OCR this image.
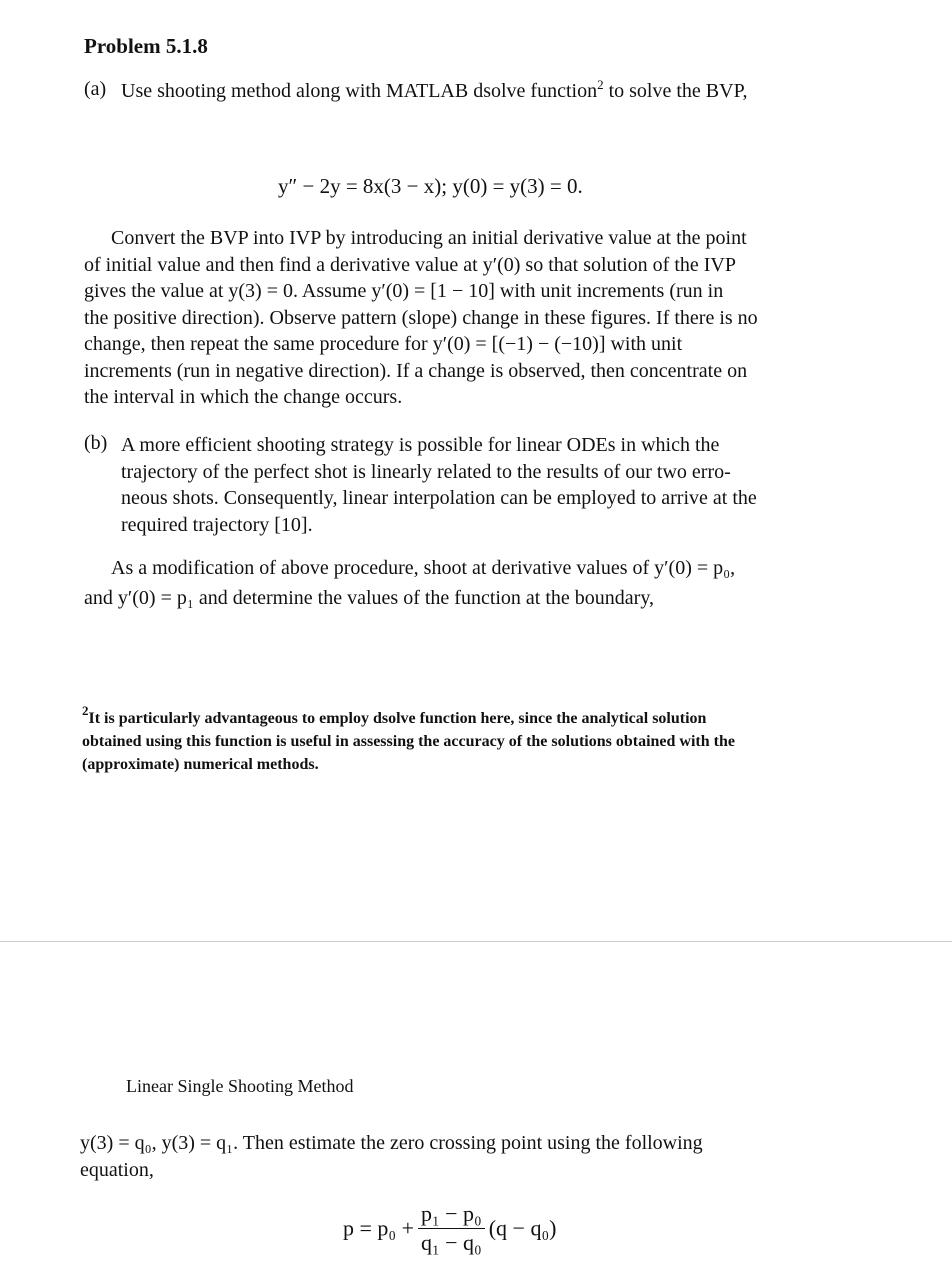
Problem 5.1.8
(a) Use shooting method along with MATLAB dsolve function$^2$ to solve the BVP,
y″ − 2y = 8x(3 − x); y(0) = y(3) = 0.
Convert the BVP into IVP by introducing an initial derivative value at the point
of initial value and then find a derivative value at y′(0) so that solution of the IVP
gives the value at y(3) = 0. Assume y′(0) = [1 − 10] with unit increments (run in
the positive direction). Observe pattern (slope) change in these figures. If there is no
change, then repeat the same procedure for y′(0) = [(−1) − (−10)] with unit
increments (run in negative direction). If a change is observed, then concentrate on
the interval in which the change occurs.
(b) A more efficient shooting strategy is possible for linear ODEs in which the
trajectory of the perfect shot is linearly related to the results of our two erro-
neous shots. Consequently, linear interpolation can be employed to arrive at the
required trajectory [10].
As a modification of above procedure, shoot at derivative values of y′(0) = p₀,
and y′(0) = p₁ and determine the values of the function at the boundary,
$^2$It is particularly advantageous to employ dsolve function here, since the analytical solution
obtained using this function is useful in assessing the accuracy of the solutions obtained with the
(approximate) numerical methods.
Linear Single Shooting Method
y(3) = q₀, y(3) = q₁. Then estimate the zero crossing point using the following
equation,
$p = p_0 + \frac{\text{p₁ − p₀}}{\text{q₁ − q₀}} (q - q_0)$
